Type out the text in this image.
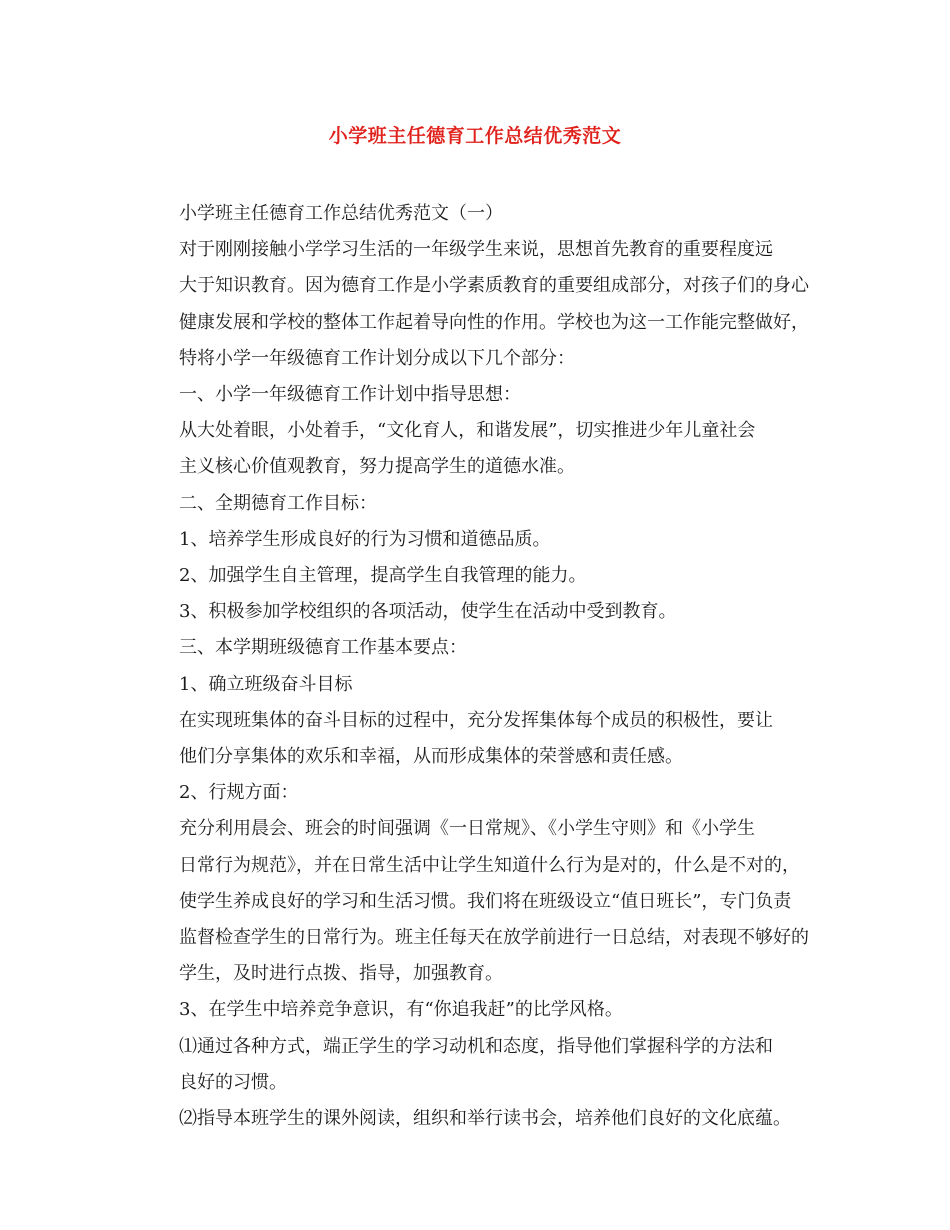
小学班主任德育工作总结优秀范文

小学班主任德育工作总结优秀范文（一）

对于刚刚接触小学学习生活的一年级学生来说，思想首先教育的重要程度远
大于知识教育。因为德育工作是小学素质教育的重要组成部分，对孩子们的身心
健康发展和学校的整体工作起着导向性的作用。学校也为这一工作能完整做好，
特将小学一年级德育工作计划分成以下几个部分：

一、小学一年级德育工作计划中指导思想：

从大处着眼，小处着手，“文化育人，和谐发展”，切实推进少年儿童社会
主义核心价值观教育，努力提高学生的道德水准。

二、全期德育工作目标：

1、培养学生形成良好的行为习惯和道德品质。

2、加强学生自主管理，提高学生自我管理的能力。

3、积极参加学校组织的各项活动，使学生在活动中受到教育。

三、本学期班级德育工作基本要点：

1、确立班级奋斗目标

在实现班集体的奋斗目标的过程中，充分发挥集体每个成员的积极性，要让
他们分享集体的欢乐和幸福，从而形成集体的荣誉感和责任感。

2、行规方面：

充分利用晨会、班会的时间强调《一日常规》、《小学生守则》和《小学生
日常行为规范》，并在日常生活中让学生知道什么行为是对的，什么是不对的，
使学生养成良好的学习和生活习惯。我们将在班级设立“值日班长”，专门负责
监督检查学生的日常行为。班主任每天在放学前进行一日总结，对表现不够好的
学生，及时进行点拨、指导，加强教育。

3、在学生中培养竞争意识，有“你追我赶”的比学风格。

⑴通过各种方式，端正学生的学习动机和态度，指导他们掌握科学的方法和
良好的习惯。

⑵指导本班学生的课外阅读，组织和举行读书会，培养他们良好的文化底蕴。
